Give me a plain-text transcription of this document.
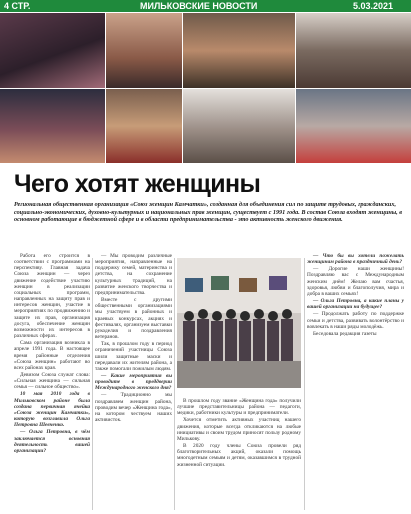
4 СТР.	МИЛЬКОВСКИЕ НОВОСТИ	5.03.2021
Чего хотят женщины
Региональная общественная организация «Союз женщин Камчатки», созданная для объединения сил по защите трудовых, гражданских, социально-экономических, духовно-культурных и национальных прав женщин, существует с 1991 года. В состав Союза входят женщины, в основном работающие в бюджетной сфере и в области предпринимательства - это активность женского движения.

Работа его строится в соответствии с программами на перспективу. Главная задача Союза женщин — через движение содействие участию женщин в реализации социальных программ, направленных на защиту прав и интересов женщин, участие в мероприятиях по продвижению и защите их прав, организация досуга, обеспечение женщин возможности их интересов в различных сферах.

Сама организация возникла в апреле 1991 года. В настоящее время районные отделения «Союза женщин» работают во всех районах края.

Девизом Союза служат слова: «Сильная женщина — сильная семья — сильное общество».

10 мая 2010 года в Мильковском районе была создана первичная ячейка «Союза женщин Камчатки», которую возглавила Ольга Петровна Шевченко.

— Ольга Петровна, в чём заключается основная деятельность вашей организации?

— Мы проводим различные мероприятия, направленные на поддержку семей, материнства и детства, на сохранение культурных традиций, на развитие женского творчества и предпринимательства.

Вместе с другими общественными организациями мы участвуем в районных и краевых конкурсах, акциях и фестивалях, организуем выставки рукоделия и поздравления ветеранов.

Так, в прошлом году в период ограничений участницы Союза шили защитные маски и передавали их жителям района, а также помогали пожилым людям.

— Какие мероприятия вы проводите в преддверии Международного женского дня?

— Традиционно мы поздравляем женщин района, проводим вечер «Женщина года», на котором чествуем наших активисток.

В прошлом году звание «Женщина года» получили лучшие представительницы района — педагоги, медики, работники культуры и предприниматели.

Хочется отметить активных участниц нашего движения, которые всегда откликаются на любые инициативы и своим трудом приносят пользу родному Милькову.

В 2020 году члены Союза провели ряд благотворительных акций, оказали помощь многодетным семьям и детям, оказавшимся в трудной жизненной ситуации.

— Что бы вы хотели пожелать женщинам района в праздничный день?

— Дорогие наши женщины! Поздравляю вас с Международным женским днём! Желаю вам счастья, здоровья, любви и благополучия, мира и добра в ваших семьях!

— Ольга Петровна, а какие планы у вашей организации на будущее?

— Продолжать работу по поддержке семьи и детства, развивать волонтёрство и вовлекать в наши ряды молодёжь.

Беседовала редакция газеты
